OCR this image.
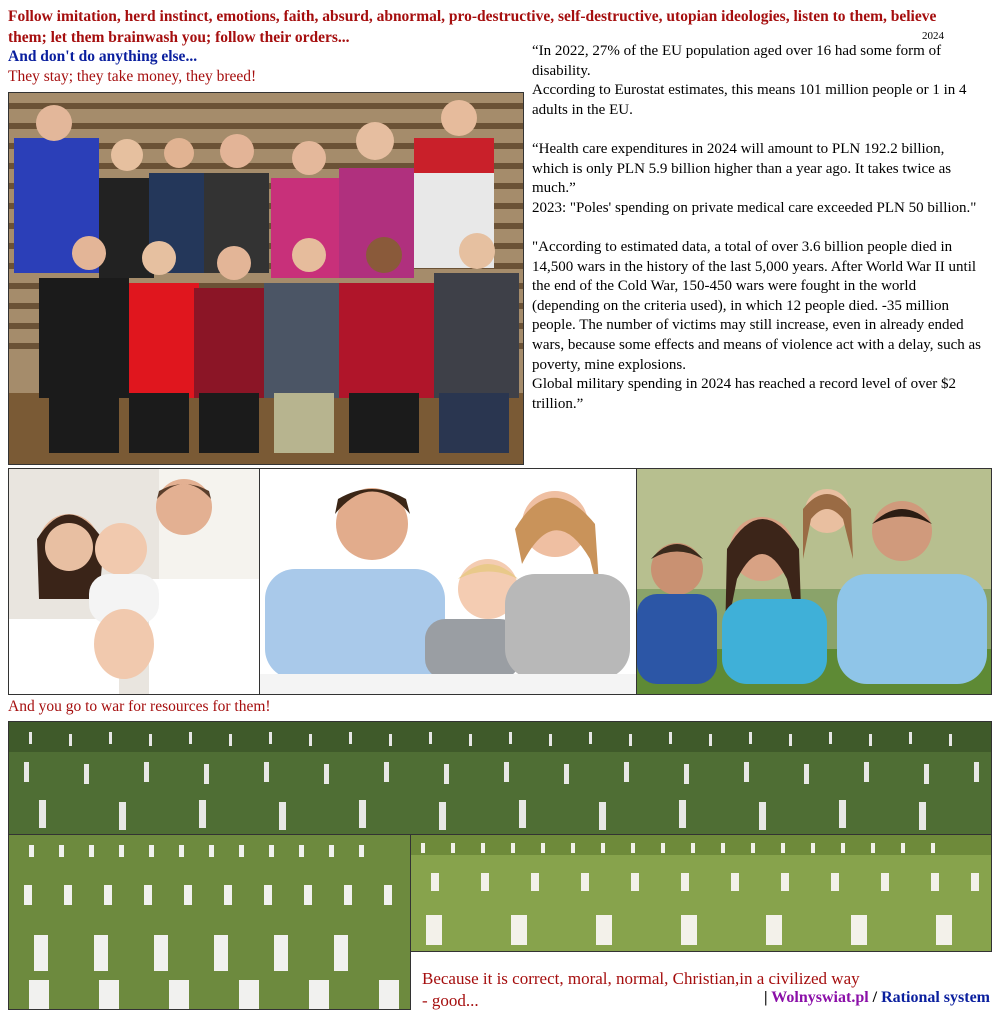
Follow imitation, herd instinct, emotions, faith, absurd, abnormal, pro-destructive, self-destructive, utopian ideologies, listen to them, believe them; let them brainwash you; follow their orders...
And don't do anything else...
They stay; they take money, they breed!
2024

“In 2022, 27% of the EU population aged over 16 had some form of disability.

According to Eurostat estimates, this means 101 million people or 1 in 4 adults in the EU.

“Health care expenditures in 2024 will amount to PLN 192.2 billion, which is only PLN 5.9 billion higher than a year ago. It takes twice as much.”

2023: "Poles' spending on private medical care exceeded PLN 50 billion."

"According to estimated data, a total of over 3.6 billion people died in 14,500 wars in the history of the last 5,000 years. After World War II until the end of the Cold War, 150-450 wars were fought in the world (depending on the criteria used), in which 12 people died. -35 million people. The number of victims may still increase, even in already ended wars, because some effects and means of violence act with a delay, such as poverty, mine explosions.

Global military spending in 2024 has reached a record level of over $2 trillion.”

And you go to war for resources for them!
Because it is correct, moral, normal, Christian,in a civilized way
- good...	| Wolnyswiat.pl / Rational system
